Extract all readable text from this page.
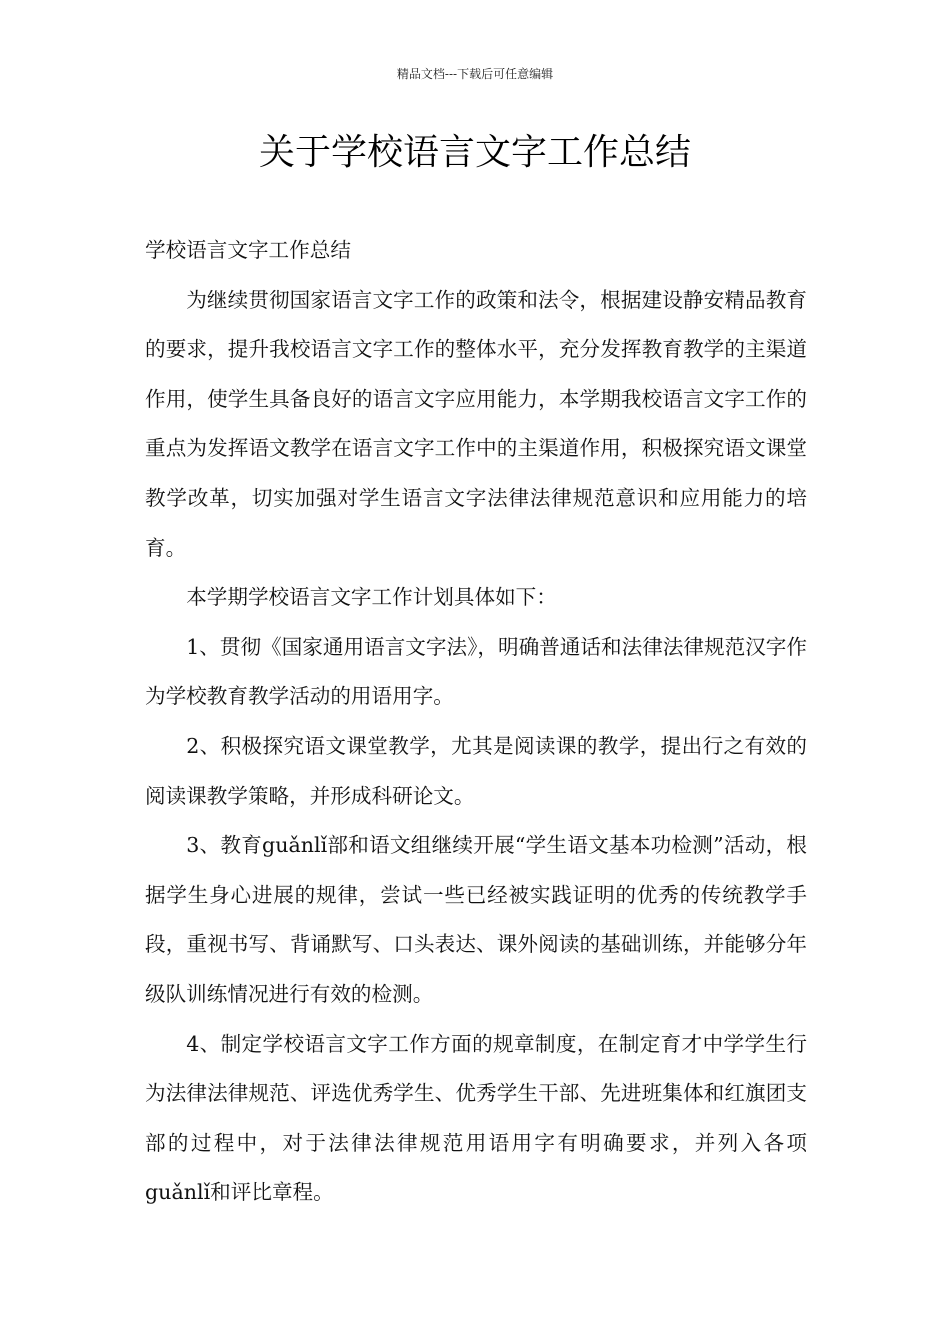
精品文档---下载后可任意编辑
关于学校语言文字工作总结

学校语言文字工作总结

为继续贯彻国家语言文字工作的政策和法令，根据建设静安精品教育的要求，提升我校语言文字工作的整体水平，充分发挥教育教学的主渠道作用，使学生具备良好的语言文字应用能力，本学期我校语言文字工作的重点为发挥语文教学在语言文字工作中的主渠道作用，积极探究语文课堂教学改革，切实加强对学生语言文字法律法律规范意识和应用能力的培育。

本学期学校语言文字工作计划具体如下：

1、贯彻《国家通用语言文字法》，明确普通话和法律法律规范汉字作为学校教育教学活动的用语用字。

2、积极探究语文课堂教学，尤其是阅读课的教学，提出行之有效的阅读课教学策略，并形成科研论文。

3、教育guǎnlǐ部和语文组继续开展“学生语文基本功检测”活动，根据学生身心进展的规律，尝试一些已经被实践证明的优秀的传统教学手段，重视书写、背诵默写、口头表达、课外阅读的基础训练，并能够分年级队训练情况进行有效的检测。

4、制定学校语言文字工作方面的规章制度，在制定育才中学学生行为法律法律规范、评选优秀学生、优秀学生干部、先进班集体和红旗团支部的过程中，对于法律法律规范用语用字有明确要求，并列入各项guǎnlǐ和评比章程。
